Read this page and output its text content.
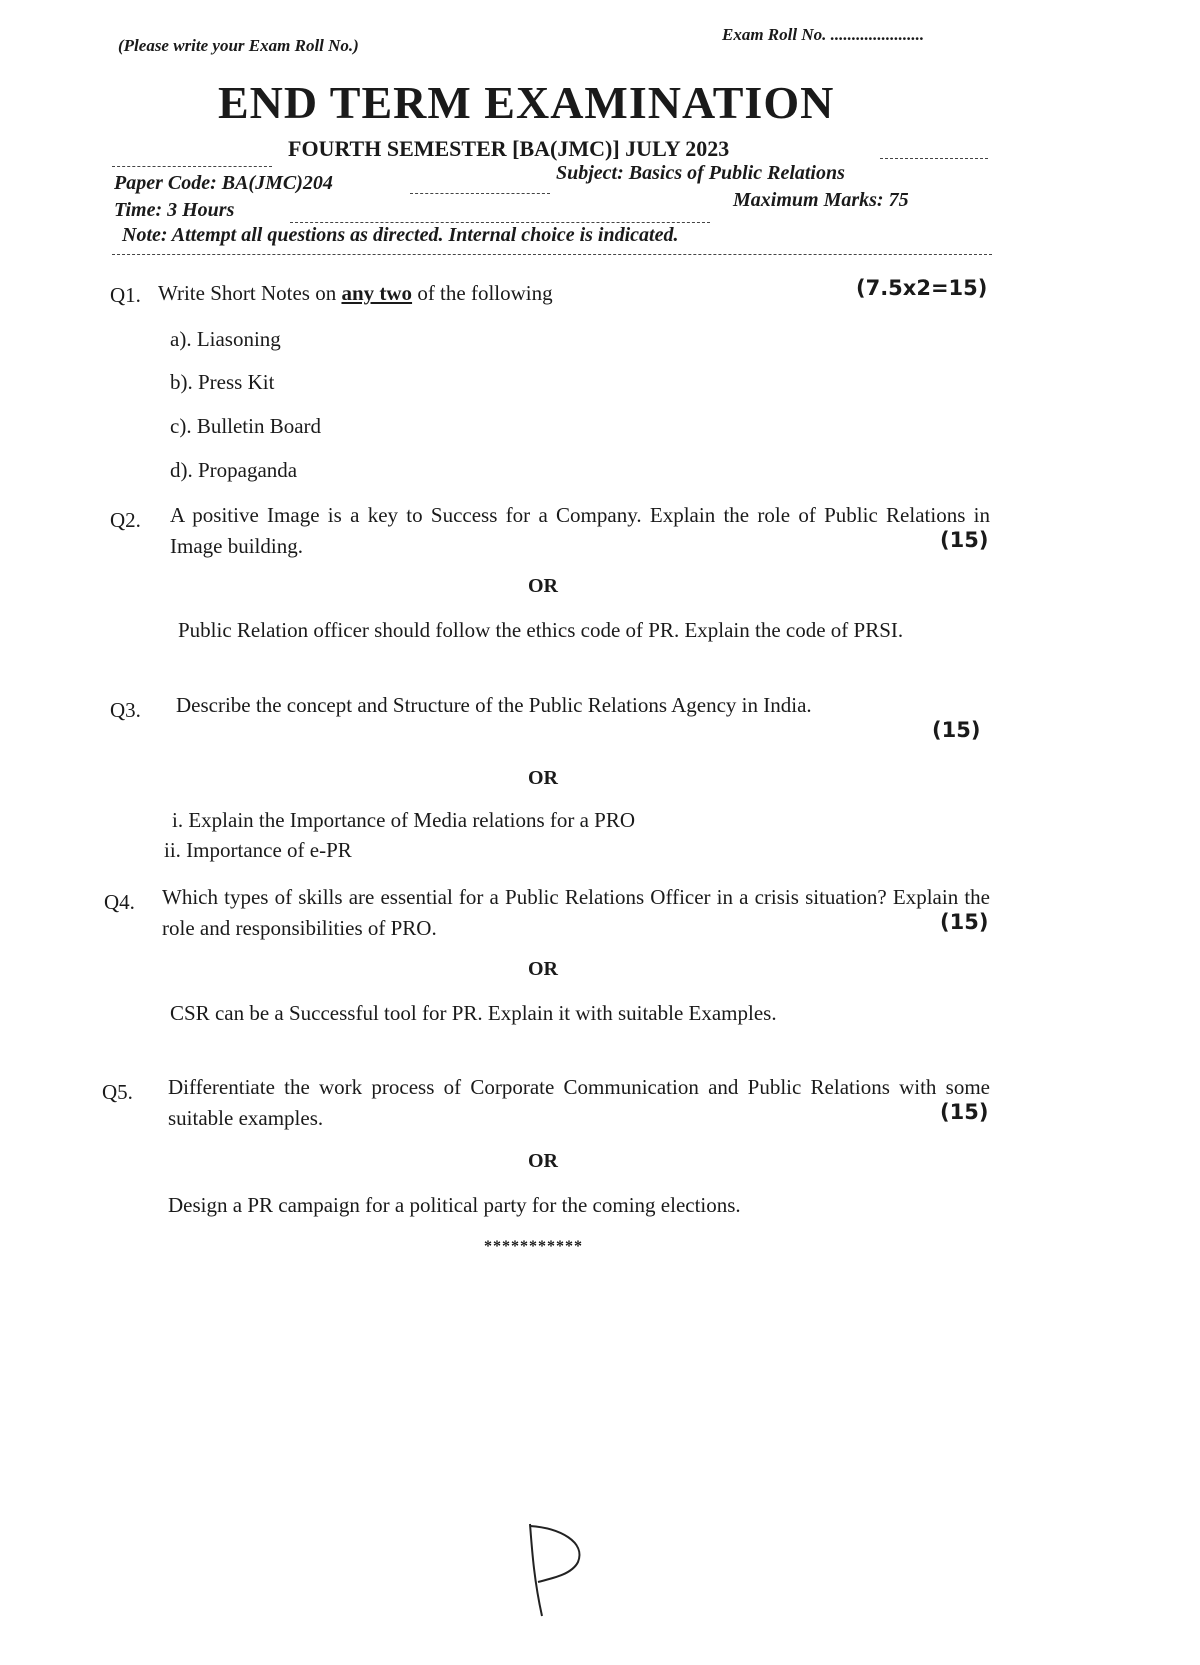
(Please write your Exam Roll No.)
Exam Roll No. ......................
END TERM EXAMINATION
FOURTH SEMESTER [BA(JMC)] JULY 2023
Paper Code: BA(JMC)204	Subject: Basics of Public Relations
Time: 3 Hours	Maximum Marks: 75
Note: Attempt all questions as directed. Internal choice is indicated.
Q1. Write Short Notes on any two of the following	(7.5x2=15)
a). Liasoning
b). Press Kit
c). Bulletin Board
d). Propaganda
Q2. A positive Image is a key to Success for a Company. Explain the role of Public Relations in Image building.	(15)
OR
Public Relation officer should follow the ethics code of PR. Explain the code of PRSI.
Q3. Describe the concept and Structure of the Public Relations Agency in India.
(15)
OR
i. Explain the Importance of Media relations for a PRO
ii. Importance of e-PR
Q4. Which types of skills are essential for a Public Relations Officer in a crisis situation? Explain the role and responsibilities of PRO.	(15)
OR
CSR can be a Successful tool for PR. Explain it with suitable Examples.
Q5. Differentiate the work process of Corporate Communication and Public Relations with some suitable examples.	(15)
OR
Design a PR campaign for a political party for the coming elections.
***********
